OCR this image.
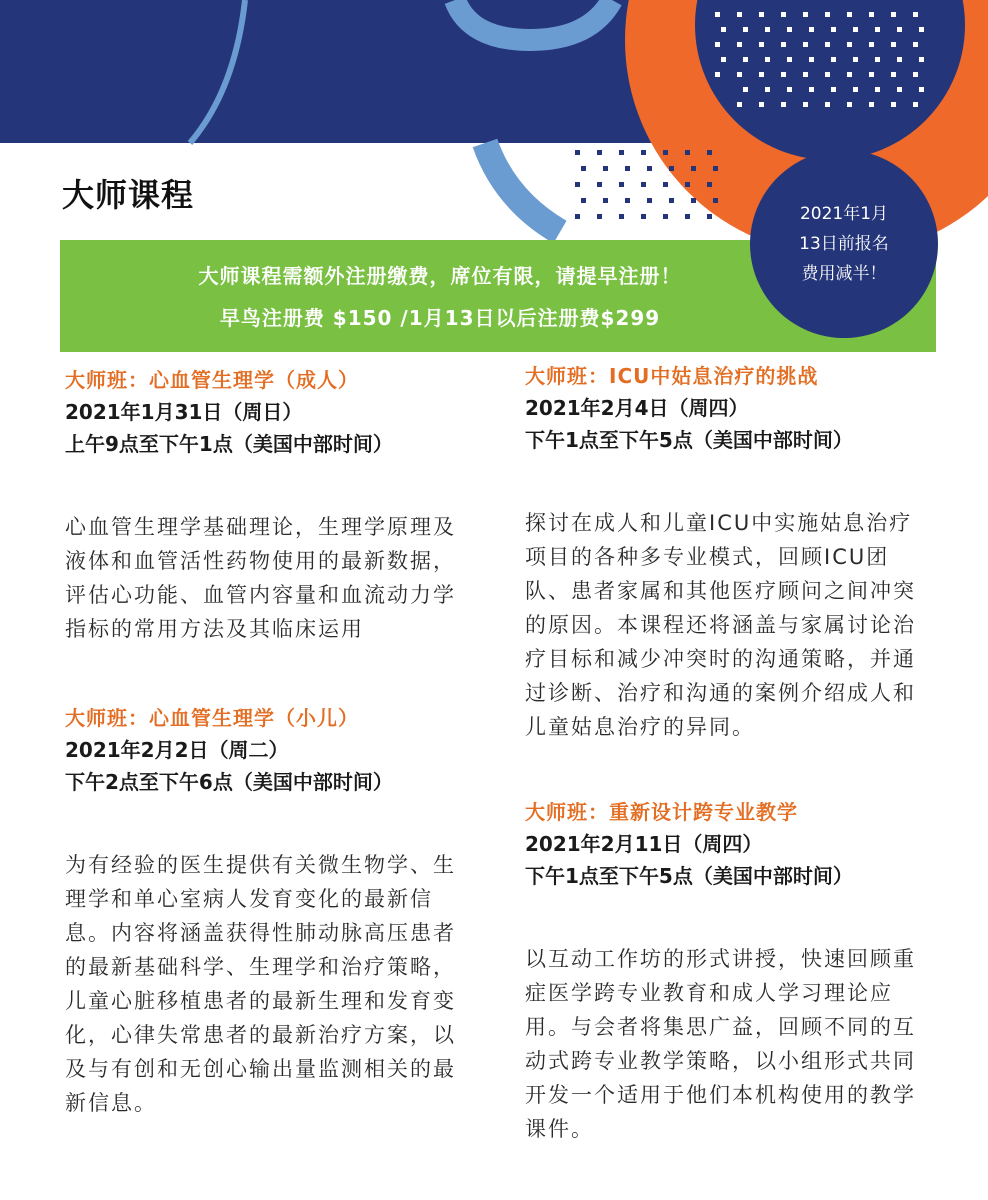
大师课程
大师课程需额外注册缴费，席位有限，请提早注册！
早鸟注册费 $150 /1月13日以后注册费$299
2021年1月
13日前报名
费用减半！
大师班：心血管生理学（成人）
2021年1月31日（周日）
上午9点至下午1点（美国中部时间）
心血管生理学基础理论，生理学原理及液体和血管活性药物使用的最新数据，评估心功能、血管内容量和血流动力学指标的常用方法及其临床运用
大师班：心血管生理学（小儿）
2021年2月2日（周二）
下午2点至下午6点（美国中部时间）
为有经验的医生提供有关微生物学、生理学和单心室病人发育变化的最新信息。内容将涵盖获得性肺动脉高压患者的最新基础科学、生理学和治疗策略，儿童心脏移植患者的最新生理和发育变化，心律失常患者的最新治疗方案，以及与有创和无创心输出量监测相关的最新信息。
大师班：ICU中姑息治疗的挑战
2021年2月4日（周四）
下午1点至下午5点（美国中部时间）
探讨在成人和儿童ICU中实施姑息治疗项目的各种多专业模式，回顾ICU团队、患者家属和其他医疗顾问之间冲突的原因。本课程还将涵盖与家属讨论治疗目标和减少冲突时的沟通策略，并通过诊断、治疗和沟通的案例介绍成人和儿童姑息治疗的异同。
大师班：重新设计跨专业教学
2021年2月11日（周四）
下午1点至下午5点（美国中部时间）
以互动工作坊的形式讲授，快速回顾重症医学跨专业教育和成人学习理论应用。与会者将集思广益，回顾不同的互动式跨专业教学策略，以小组形式共同开发一个适用于他们本机构使用的教学课件。
